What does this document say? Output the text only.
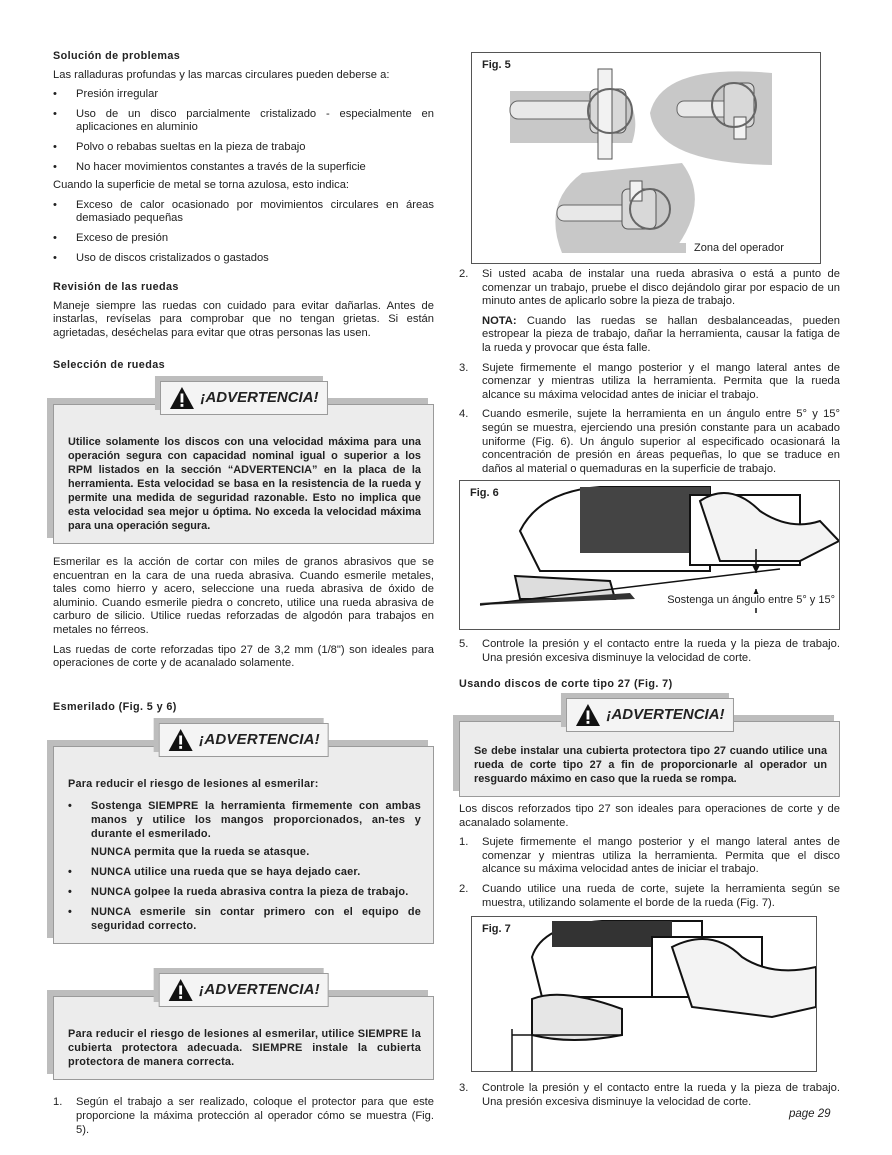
Solución de problemas

Las ralladuras profundas y las marcas circulares pueden deberse a:

•	Presión irregular
•	Uso de un disco parcialmente cristalizado - especialmente en aplicaciones en aluminio
•	Polvo o rebabas sueltas en la pieza de trabajo
•	No hacer movimientos constantes a través de la superficie

Cuando la superficie de metal se torna azulosa, esto indica:

•	Exceso de calor ocasionado por movimientos circulares en áreas demasiado pequeñas
•	Exceso de presión
•	Uso de discos cristalizados o gastados
Revisión de las ruedas

Maneje siempre las ruedas con cuidado para evitar dañarlas. Antes de instarlas, revíselas para comprobar que no tengan grietas. Si están agrietadas, deséchelas para evitar que otras personas las usen.

Selección de ruedas
¡ADVERTENCIA!

Utilice solamente los discos con una velocidad máxima para una operación segura con capacidad nominal igual o superior a los RPM listados en la sección “ADVERTENCIA” en la placa de la herramienta. Esta velocidad se basa en la resistencia de la rueda y permite una medida de seguridad razonable. Esto no implica que esta velocidad sea mejor u óptima. No exceda la velocidad máxima para una operación segura.

Esmerilar es la acción de cortar con miles de granos abrasivos que se encuentran en la cara de una rueda abrasiva. Cuando esmerile metales, tales como hierro y acero, seleccione una rueda abrasiva de óxido de aluminio. Cuando esmerile piedra o concreto, utilice una rueda abrasiva de carburo de silicio. Utilice ruedas reforzadas de algodón para trabajos en metales no férreos.

Las ruedas de corte reforzadas tipo 27 de 3,2 mm (1/8") son ideales para operaciones de corte y de acanalado solamente.

Esmerilado (Fig. 5 y 6)
¡ADVERTENCIA!

Para reducir el riesgo de lesiones al esmerilar:

•	Sostenga SIEMPRE la herramienta firmemente con ambas manos y utilice los mangos proporcionados, an-tes y durante el esmerilado.
NUNCA permita que la rueda se atasque.
•	NUNCA utilice una rueda que se haya dejado caer.
•	NUNCA golpee la rueda abrasiva contra la pieza de trabajo.
•	NUNCA esmerile sin contar primero con el equipo de seguridad correcto.
¡ADVERTENCIA!

Para reducir el riesgo de lesiones al esmerilar, utilice SIEMPRE la cubierta protectora adecuada. SIEMPRE instale la cubierta protectora de manera correcta.

1.	Según el trabajo a ser realizado, coloque el protector para que este proporcione la máxima protección al operador cómo se muestra (Fig. 5).
Fig. 5
Zona del operador
2.	Si usted acaba de instalar una rueda abrasiva o está a punto de comenzar un trabajo, pruebe el disco dejándolo girar por espacio de un minuto antes de aplicarlo sobre la pieza de trabajo.

NOTA: Cuando las ruedas se hallan desbalanceadas, pueden estropear la pieza de trabajo, dañar la herramienta, causar la fatiga de la rueda y provocar que ésta falle.

3.	Sujete firmemente el mango posterior y el mango lateral antes de comenzar y mientras utiliza la herramienta. Permita que la rueda alcance su máxima velocidad antes de iniciar el trabajo.
4.	Cuando esmerile, sujete la herramienta en un ángulo entre 5° y 15° según se muestra, ejerciendo una presión constante para un acabado uniforme (Fig. 6). Un ángulo superior al especificado ocasionará la concentración de presión en áreas pequeñas, lo que se traduce en daños al material o quemaduras en la superficie de trabajo.
Fig. 6
Sostenga un ángulo entre 5° y 15°
5.	Controle la presión y el contacto entre la rueda y la pieza de trabajo. Una presión excesiva disminuye la velocidad de corte.
Usando discos de corte tipo 27 (Fig. 7)
¡ADVERTENCIA!

Se debe instalar una cubierta protectora tipo 27 cuando utilice una rueda de corte tipo 27 a fin de proporcionarle al operador un resguardo máximo en caso que la rueda se rompa.

Los discos reforzados tipo 27 son ideales para operaciones de corte y de acanalado solamente.

1.	Sujete firmemente el mango posterior y el mango lateral antes de comenzar y mientras utiliza la herramienta. Permita que el disco alcance su máxima velocidad antes de iniciar el trabajo.
2.	Cuando utilice una rueda de corte, sujete la herramienta según se muestra, utilizando solamente el borde de la rueda (Fig. 7).
Fig. 7
3.	Controle la presión y el contacto entre la rueda y la pieza de trabajo. Una presión excesiva disminuye la velocidad de corte.
page 29
